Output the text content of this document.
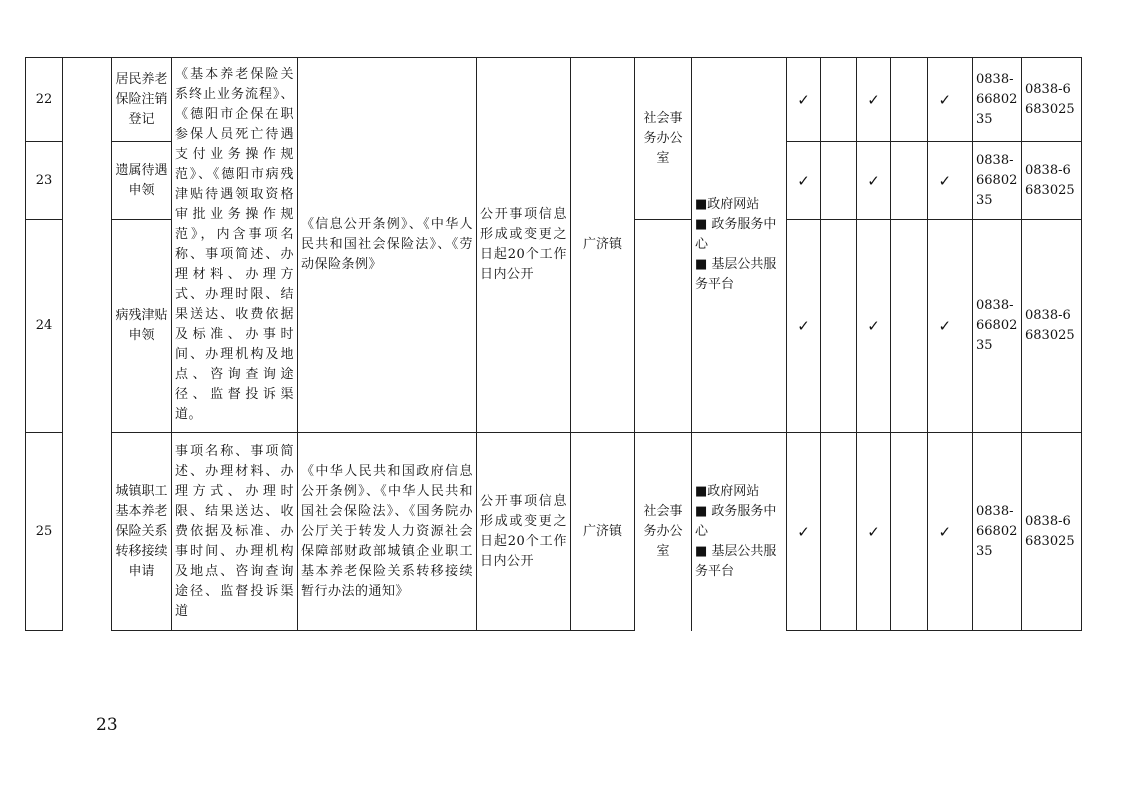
22		居民养老保险注销登记	《基本养老保险关系终止业务流程》、《德阳市企保在职参保人员死亡待遇支付业务操作规范》、《德阳市病残津贴待遇领取资格审批业务操作规范》，内含事项名称、事项简述、办理材料、办理方式、办理时限、结果送达、收费依据及标准、办事时间、办理机构及地点、咨询查询途径、监督投诉渠道。	《信息公开条例》、《中华人民共和国社会保险法》、《劳动保险条例》	公开事项信息形成或变更之日起20个工作日内公开	广济镇	社会事务办公室	■政府网站
■ 政务服务中心
■ 基层公共服务平台	✓		✓		✓		0838-6680235	0838-6683025
23		遗属待遇申领							✓		✓		✓		0838-6680235	0838-6683025
24		病残津贴申领							✓		✓		✓		0838-6680235	0838-6683025
25		城镇职工基本养老保险关系转移接续申请	事项名称、事项简述、办理材料、办理方式、办理时限、结果送达、收费依据及标准、办事时间、办理机构及地点、咨询查询途径、监督投诉渠道	《中华人民共和国政府信息公开条例》、《中华人民共和国社会保险法》、《国务院办公厅关于转发人力资源社会保障部财政部城镇企业职工基本养老保险关系转移接续暂行办法的通知》	公开事项信息形成或变更之日起20个工作日内公开	广济镇	社会事务办公室	■政府网站
■ 政务服务中心
■ 基层公共服务平台	✓		✓		✓		0838-6680235	0838-6683025
23
